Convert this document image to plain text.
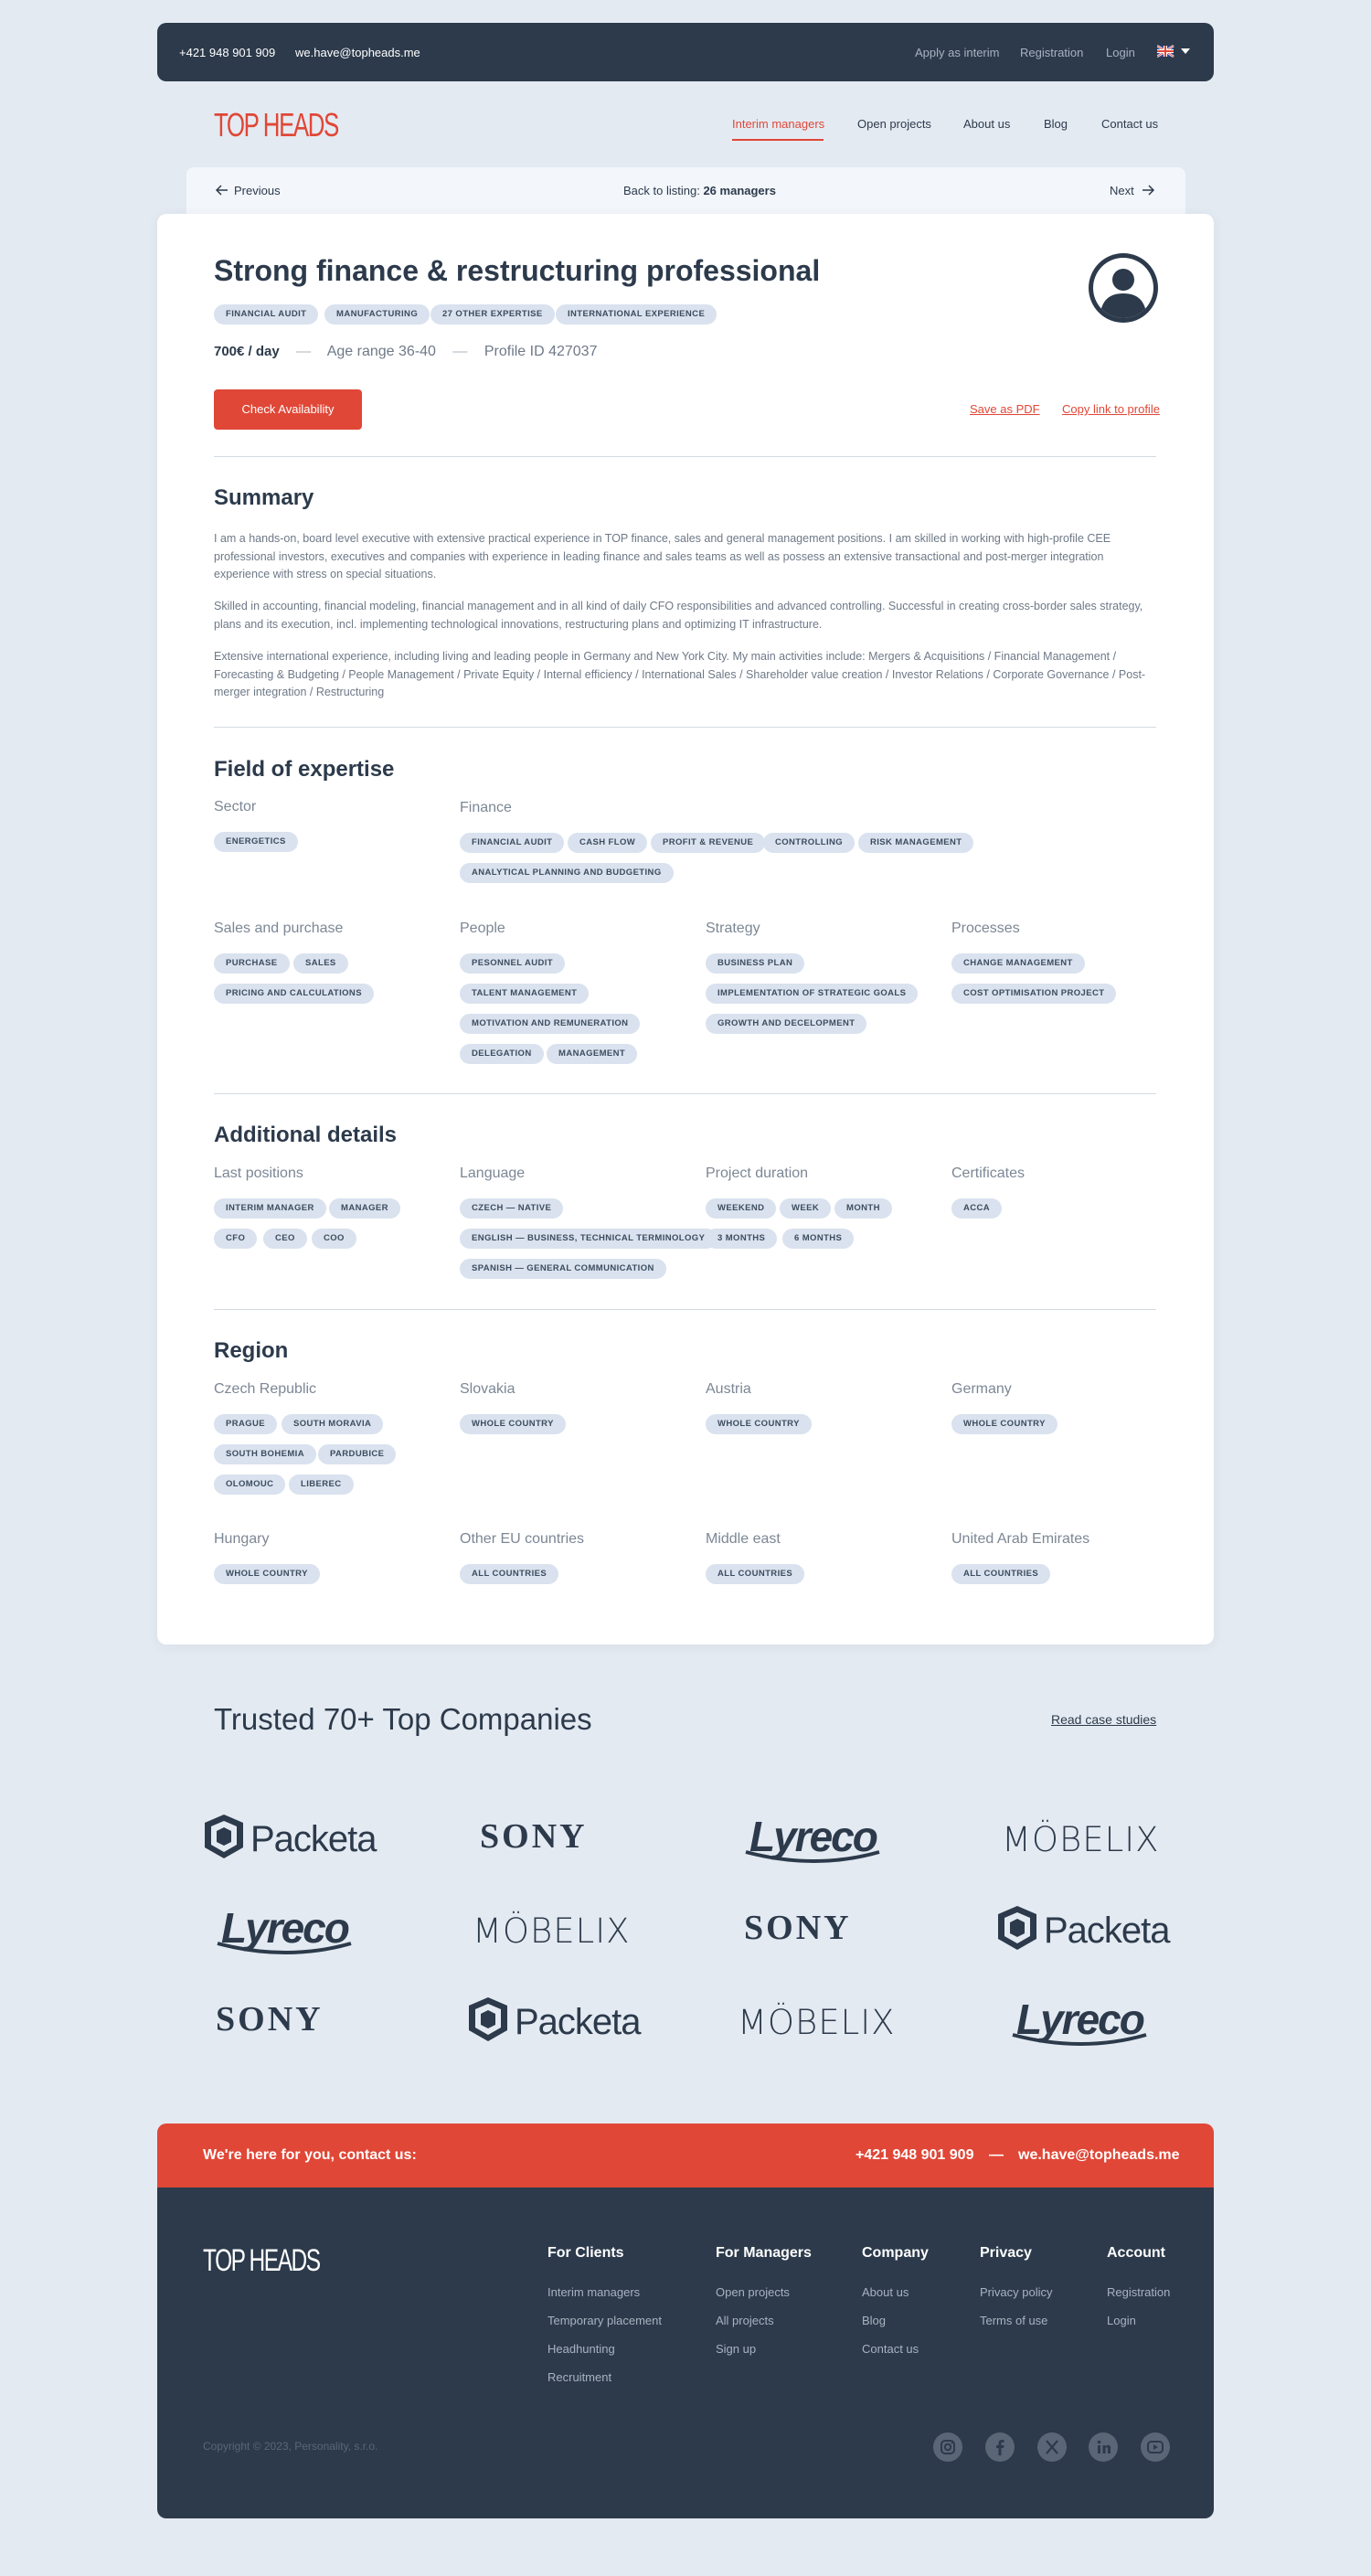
+421 948 901 909 we.have@topheads.me	Apply as interim Registration Login
TOP HEADS	Interim managers	Open projects	About us	Blog	Contact us
Previous	Back to listing: 26 managers	Next
Strong finance & restructuring professional
FINANCIAL AUDIT	MANUFACTURING	27 OTHER EXPERTISE	INTERNATIONAL EXPERIENCE
700€ / day — Age range 36-40 — Profile ID 427037
Check Availability	Save as PDF Copy link to profile
Summary

I am a hands-on, board level executive with extensive practical experience in TOP finance, sales and general management positions. I am skilled in working with high-profile CEE professional investors, executives and companies with experience in leading finance and sales teams as well as possess an extensive transactional and post-merger integration experience with stress on special situations.

Skilled in accounting, financial modeling, financial management and in all kind of daily CFO responsibilities and advanced controlling. Successful in creating cross-border sales strategy, plans and its execution, incl. implementing technological innovations, restructuring plans and optimizing IT infrastructure.

Extensive international experience, including living and leading people in Germany and New York City. My main activities include: Mergers & Acquisitions / Financial Management / Forecasting & Budgeting / People Management / Private Equity / Internal efficiency / International Sales / Shareholder value creation / Investor Relations / Corporate Governance / Post-merger integration / Restructuring

Field of expertise
Sector
ENERGETICS
Finance
FINANCIAL AUDIT	CASH FLOW	PROFIT & REVENUE	CONTROLLING	RISK MANAGEMENT
ANALYTICAL PLANNING AND BUDGETING
Sales and purchase
PURCHASE	SALES
PRICING AND CALCULATIONS
People
PESONNEL AUDIT
TALENT MANAGEMENT
MOTIVATION AND REMUNERATION
DELEGATION	MANAGEMENT
Strategy
BUSINESS PLAN
IMPLEMENTATION OF STRATEGIC GOALS
GROWTH AND DECELOPMENT
Processes
CHANGE MANAGEMENT
COST OPTIMISATION PROJECT
Additional details
Last positions
INTERIM MANAGER	MANAGER
CFO	CEO	COO
Language
CZECH — NATIVE
ENGLISH — BUSINESS, TECHNICAL TERMINOLOGY
SPANISH — GENERAL COMMUNICATION
Project duration
WEEKEND	WEEK	MONTH
3 MONTHS	6 MONTHS
Certificates
ACCA
Region
Czech Republic
PRAGUE	SOUTH MORAVIA
SOUTH BOHEMIA	PARDUBICE
OLOMOUC	LIBEREC
Slovakia
WHOLE COUNTRY
Austria
WHOLE COUNTRY
Germany
WHOLE COUNTRY
Hungary
WHOLE COUNTRY
Other EU countries
ALL COUNTRIES
Middle east
ALL COUNTRIES
United Arab Emirates
ALL COUNTRIES
Trusted 70+ Top Companies	Read case studies
Packeta	SONY	Lyreco	MÖBELIX
Lyreco	MÖBELIX	SONY	Packeta
SONY	Packeta	MÖBELIX	Lyreco
We're here for you, contact us:	+421 948 901 909 — we.have@topheads.me
TOP HEADS	For Clients
Interim managers
Temporary placement
Headhunting
Recruitment
For Managers
Open projects
All projects
Sign up
Company
About us
Blog
Contact us
Privacy
Privacy policy
Terms of use
Account
Registration
Login
Copyright © 2023, Personality, s.r.o.
